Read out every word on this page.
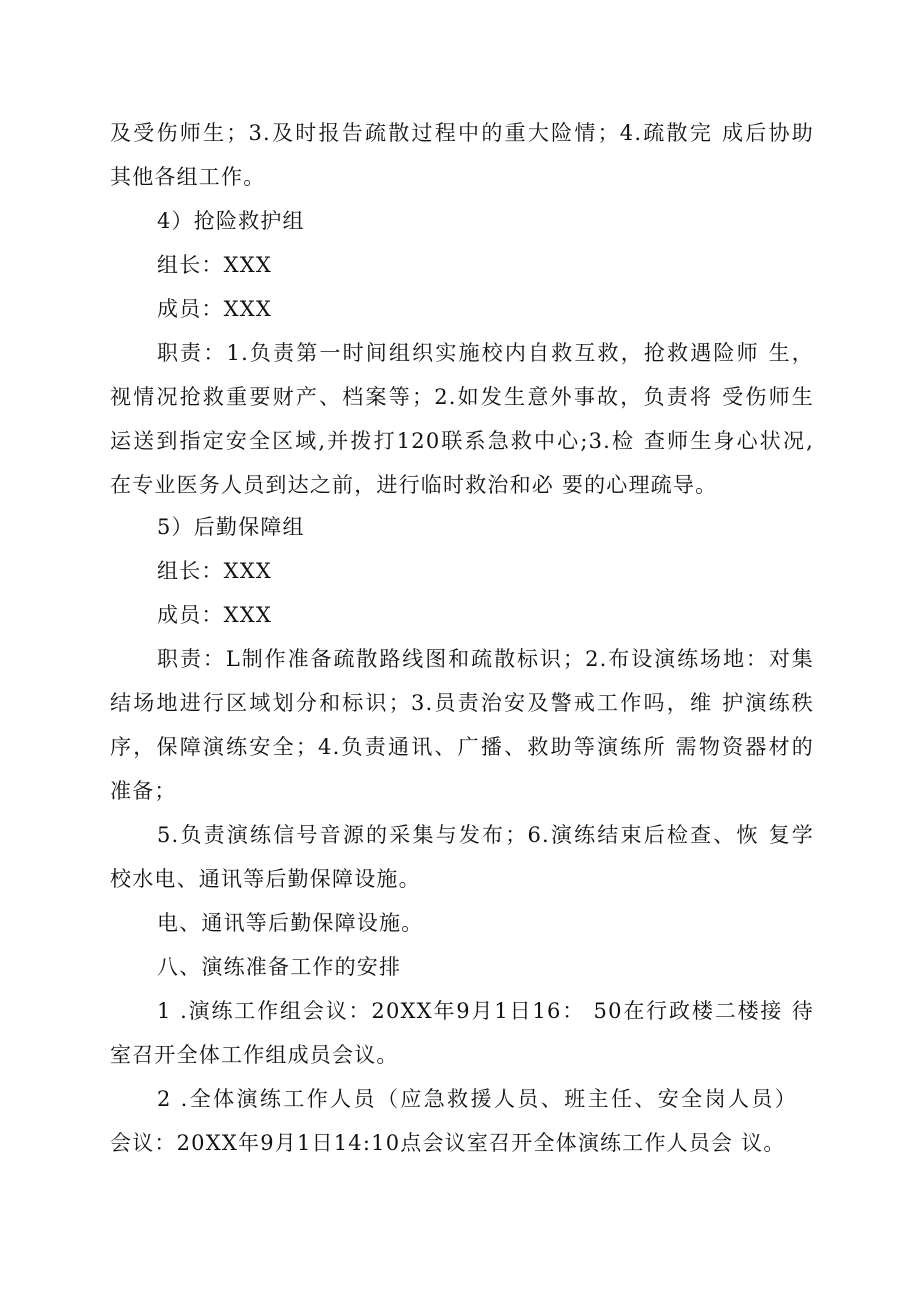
及受伤师生；3.及时报告疏散过程中的重大险情；4.疏散完 成后协助
其他各组工作。
4）抢险救护组
组长：XXX
成员：XXX
职责：1.负责第一时间组织实施校内自救互救，抢救遇险师 生，
视情况抢救重要财产、档案等；2.如发生意外事故，负责将 受伤师生
运送到指定安全区域,并拨打120联系急救中心;3.检 查师生身心状况,
在专业医务人员到达之前，进行临时救治和必 要的心理疏导。
5）后勤保障组
组长：XXX
成员：XXX
职责：L制作准备疏散路线图和疏散标识；2.布设演练场地：对集
结场地进行区域划分和标识；3.员责治安及警戒工作吗，维 护演练秩
序，保障演练安全；4.负责通讯、广播、救助等演练所 需物资器材的
准备；
5.负责演练信号音源的采集与发布；6.演练结束后检查、恢 复学
校水电、通讯等后勤保障设施。
电、通讯等后勤保障设施。
八、演练准备工作的安排
1 .演练工作组会议：20XX年9月1日16： 50在行政楼二楼接 待
室召开全体工作组成员会议。
2 .全体演练工作人员（应急救援人员、班主任、安全岗人员）
会议：20XX年9月1日14:10点会议室召开全体演练工作人员会 议。
